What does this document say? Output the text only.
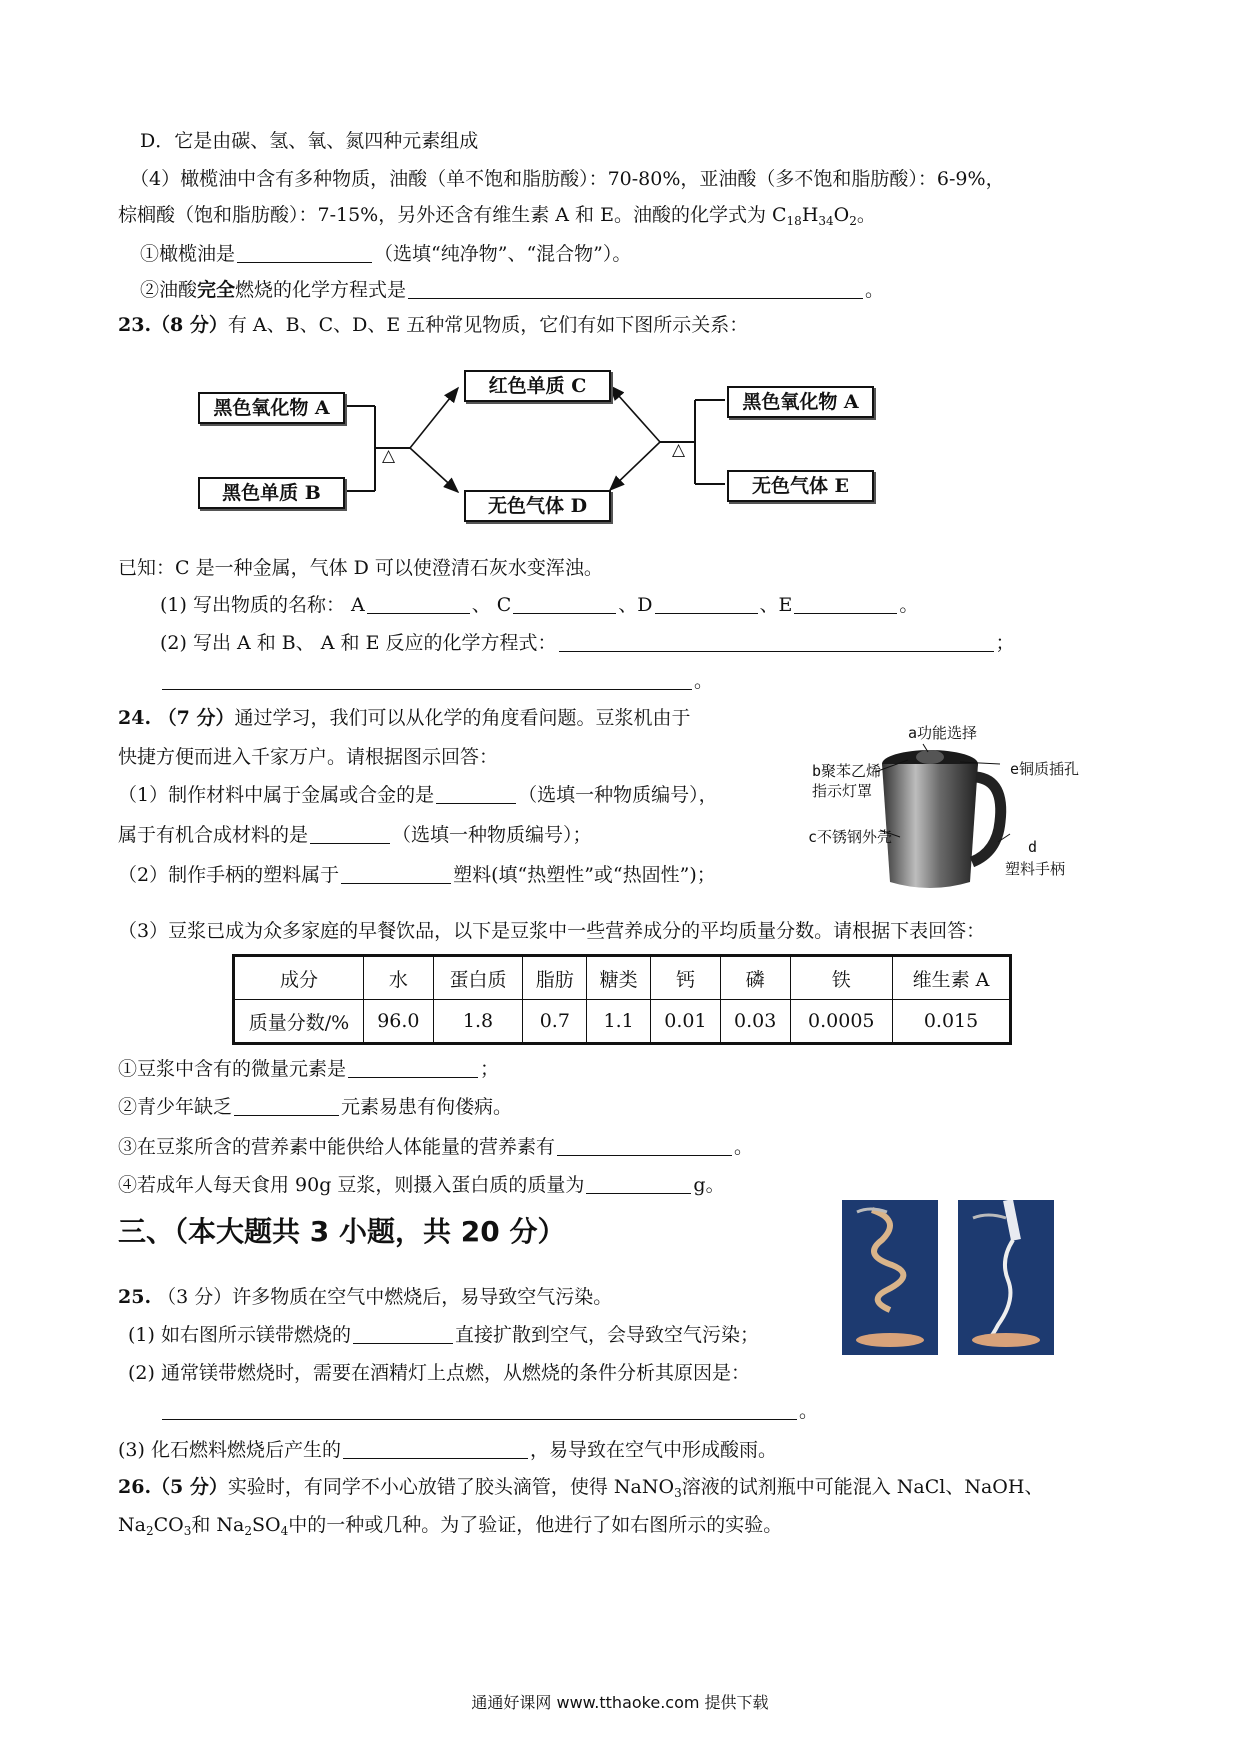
D．它是由碳、氢、氧、氮四种元素组成
（4）橄榄油中含有多种物质，油酸（单不饱和脂肪酸）：70-80%，亚油酸（多不饱和脂肪酸）：6-9%，
棕榈酸（饱和脂肪酸）：7-15%，另外还含有维生素 A 和 E。油酸的化学式为 $C_{18}H_{34}O_2$。
①橄榄油是	（选填“纯净物”、“混合物”）。
②油酸完全燃烧的化学方程式是	。
23.（8 分）有 A、B、C、D、E 五种常见物质，它们有如下图所示关系：
黑色氧化物 A
黑色单质 B
红色单质 C
无色气体 D
黑色氧化物 A
无色气体 E
△	△
已知：C 是一种金属，气体 D 可以使澄清石灰水变浑浊。
(1) 写出物质的名称： A	、 C	、D	、E	。
(2) 写出 A 和 B、 A 和 E 反应的化学方程式：	；
。
24. （7 分）通过学习，我们可以从化学的角度看问题。豆浆机由于
快捷方便而进入千家万户。请根据图示回答：
（1）制作材料中属于金属或合金的是	（选填一种物质编号），
属于有机合成材料的是	（选填一种物质编号）；
（2）制作手柄的塑料属于	塑料(填“热塑性”或“热固性”)；
a功能选择
b聚苯乙烯
指示灯罩
e铜质插孔
c不锈钢外壳
d
塑料手柄
（3）豆浆已成为众多家庭的早餐饮品，以下是豆浆中一些营养成分的平均质量分数。请根据下表回答：
成分	水	蛋白质	脂肪	糖类	钙	磷	铁	维生素 A
质量分数/%	96.0	1.8	0.7	1.1	0.01	0.03	0.0005	0.015
①豆浆中含有的微量元素是	；
②青少年缺乏	元素易患有佝偻病。
③在豆浆所含的营养素中能供给人体能量的营养素有	。
④若成年人每天食用 90g 豆浆，则摄入蛋白质的质量为	g。
三、（本大题共 3 小题，共 20 分）
25. （3 分）许多物质在空气中燃烧后，易导致空气污染。
(1) 如右图所示镁带燃烧的	直接扩散到空气，会导致空气污染；
(2) 通常镁带燃烧时，需要在酒精灯上点燃，从燃烧的条件分析其原因是：
。
(3) 化石燃料燃烧后产生的	，易导致在空气中形成酸雨。
26.（5 分）实验时，有同学不小心放错了胶头滴管，使得 NaNO$_3$溶液的试剂瓶中可能混入 NaCl、NaOH、
$Na_2CO_3$和 $Na_2SO_4$中的一种或几种。为了验证，他进行了如右图所示的实验。
通通好课网 www.tthaoke.com 提供下载
